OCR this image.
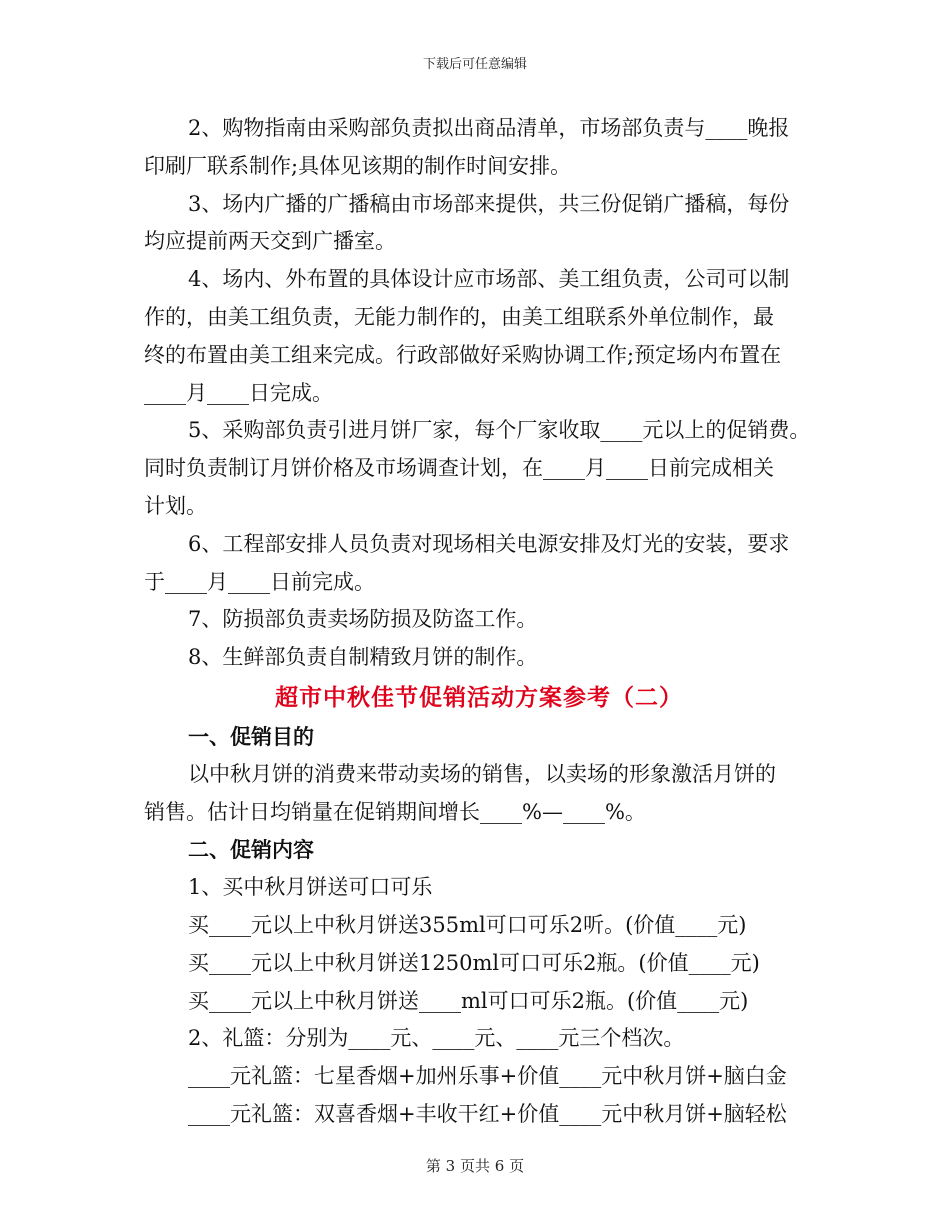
下载后可任意编辑
2、购物指南由采购部负责拟出商品清单，市场部负责与____晚报
印刷厂联系制作;具体见该期的制作时间安排。
3、场内广播的广播稿由市场部来提供，共三份促销广播稿，每份
均应提前两天交到广播室。
4、场内、外布置的具体设计应市场部、美工组负责，公司可以制
作的，由美工组负责，无能力制作的，由美工组联系外单位制作，最
终的布置由美工组来完成。行政部做好采购协调工作;预定场内布置在
____月____日完成。
5、采购部负责引进月饼厂家，每个厂家收取____元以上的促销费。
同时负责制订月饼价格及市场调查计划，在____月____日前完成相关
计划。
6、工程部安排人员负责对现场相关电源安排及灯光的安装，要求
于____月____日前完成。
7、防损部负责卖场防损及防盗工作。
8、生鲜部负责自制精致月饼的制作。
超市中秋佳节促销活动方案参考（二）
一、促销目的
以中秋月饼的消费来带动卖场的销售，以卖场的形象激活月饼的
销售。估计日均销量在促销期间增长____%—____%。
二、促销内容
1、买中秋月饼送可口可乐
买____元以上中秋月饼送355ml可口可乐2听。(价值____元)
买____元以上中秋月饼送1250ml可口可乐2瓶。(价值____元)
买____元以上中秋月饼送____ml可口可乐2瓶。(价值____元)
2、礼篮：分别为____元、____元、____元三个档次。
____元礼篮：七星香烟+加州乐事+价值____元中秋月饼+脑白金
____元礼篮：双喜香烟+丰收干红+价值____元中秋月饼+脑轻松
第 3 页共 6 页
